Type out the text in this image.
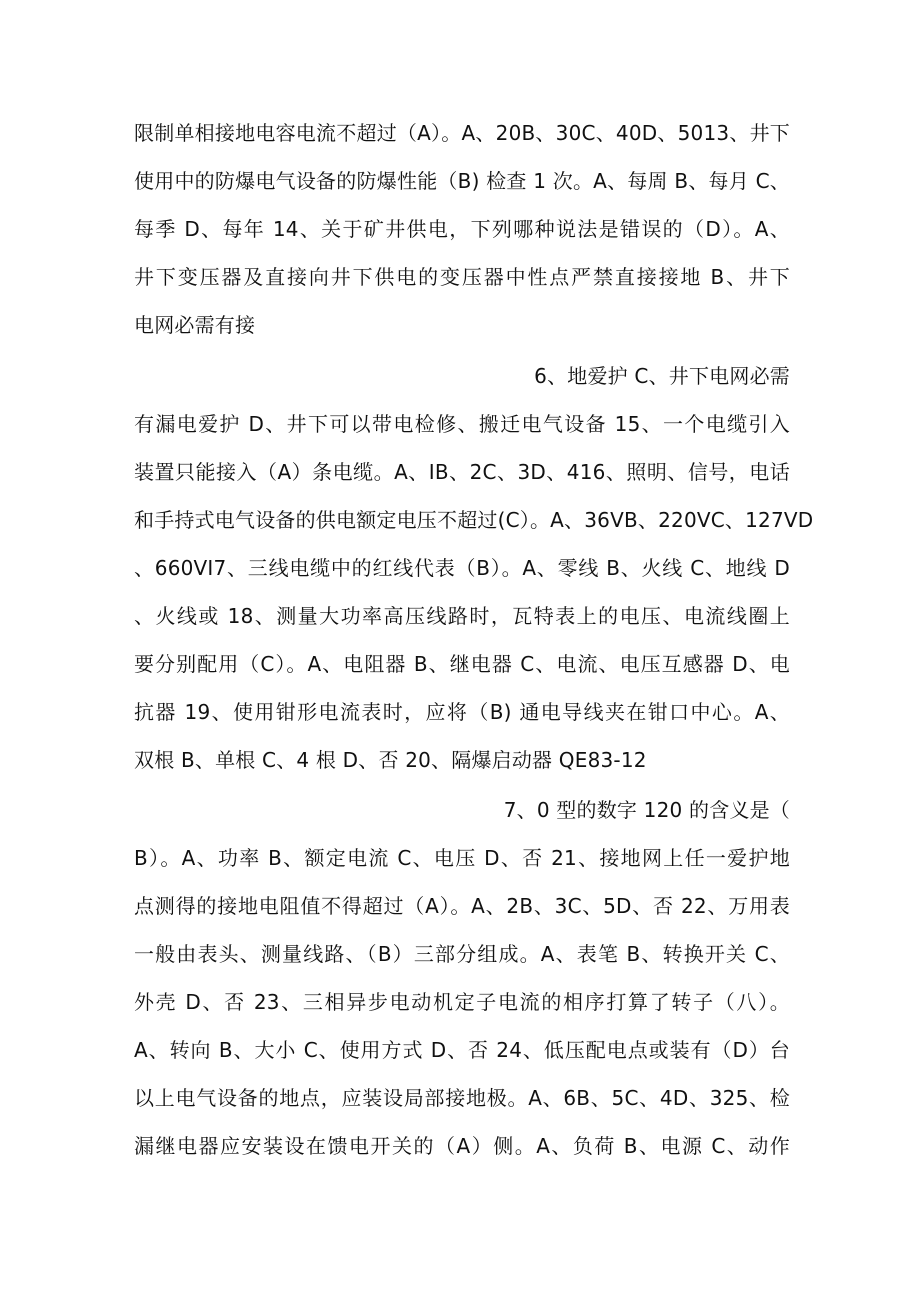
限制单相接地电容电流不超过（A）。A、20B、30C、40D、5013、井下
使用中的防爆电气设备的防爆性能（B) 检查 1 次。A、每周 B、每月 C、
每季 D、每年 14、关于矿井供电，下列哪种说法是错误的（D）。A、
井下变压器及直接向井下供电的变压器中性点严禁直接接地 B、井下
电网必需有接
6、地爱护 C、井下电网必需
有漏电爱护 D、井下可以带电检修、搬迁电气设备 15、一个电缆引入
装置只能接入（A）条电缆。A、IB、2C、3D、416、照明、信号，电话
和手持式电气设备的供电额定电压不超过(C）。A、36VB、220VC、127VD
、660VI7、三线电缆中的红线代表（B）。A、零线 B、火线 C、地线 D
、火线或 18、测量大功率高压线路时，瓦特表上的电压、电流线圈上
要分别配用（C）。A、电阻器 B、继电器 C、电流、电压互感器 D、电
抗器 19、使用钳形电流表时，应将（B) 通电导线夹在钳口中心。A、
双根 B、单根 C、4 根 D、否 20、隔爆启动器 QE83-12
7、0 型的数字 120 的含义是（
B）。A、功率 B、额定电流 C、电压 D、否 21、接地网上任一爱护地
点测得的接地电阻值不得超过（A）。A、2B、3C、5D、否 22、万用表
一般由表头、测量线路、（B）三部分组成。A、表笔 B、转换开关 C、
外壳 D、否 23、三相异步电动机定子电流的相序打算了转子（八）。
A、转向 B、大小 C、使用方式 D、否 24、低压配电点或装有（D）台
以上电气设备的地点，应装设局部接地极。A、6B、5C、4D、325、检
漏继电器应安装设在馈电开关的（A）侧。A、负荷 B、电源 C、动作
